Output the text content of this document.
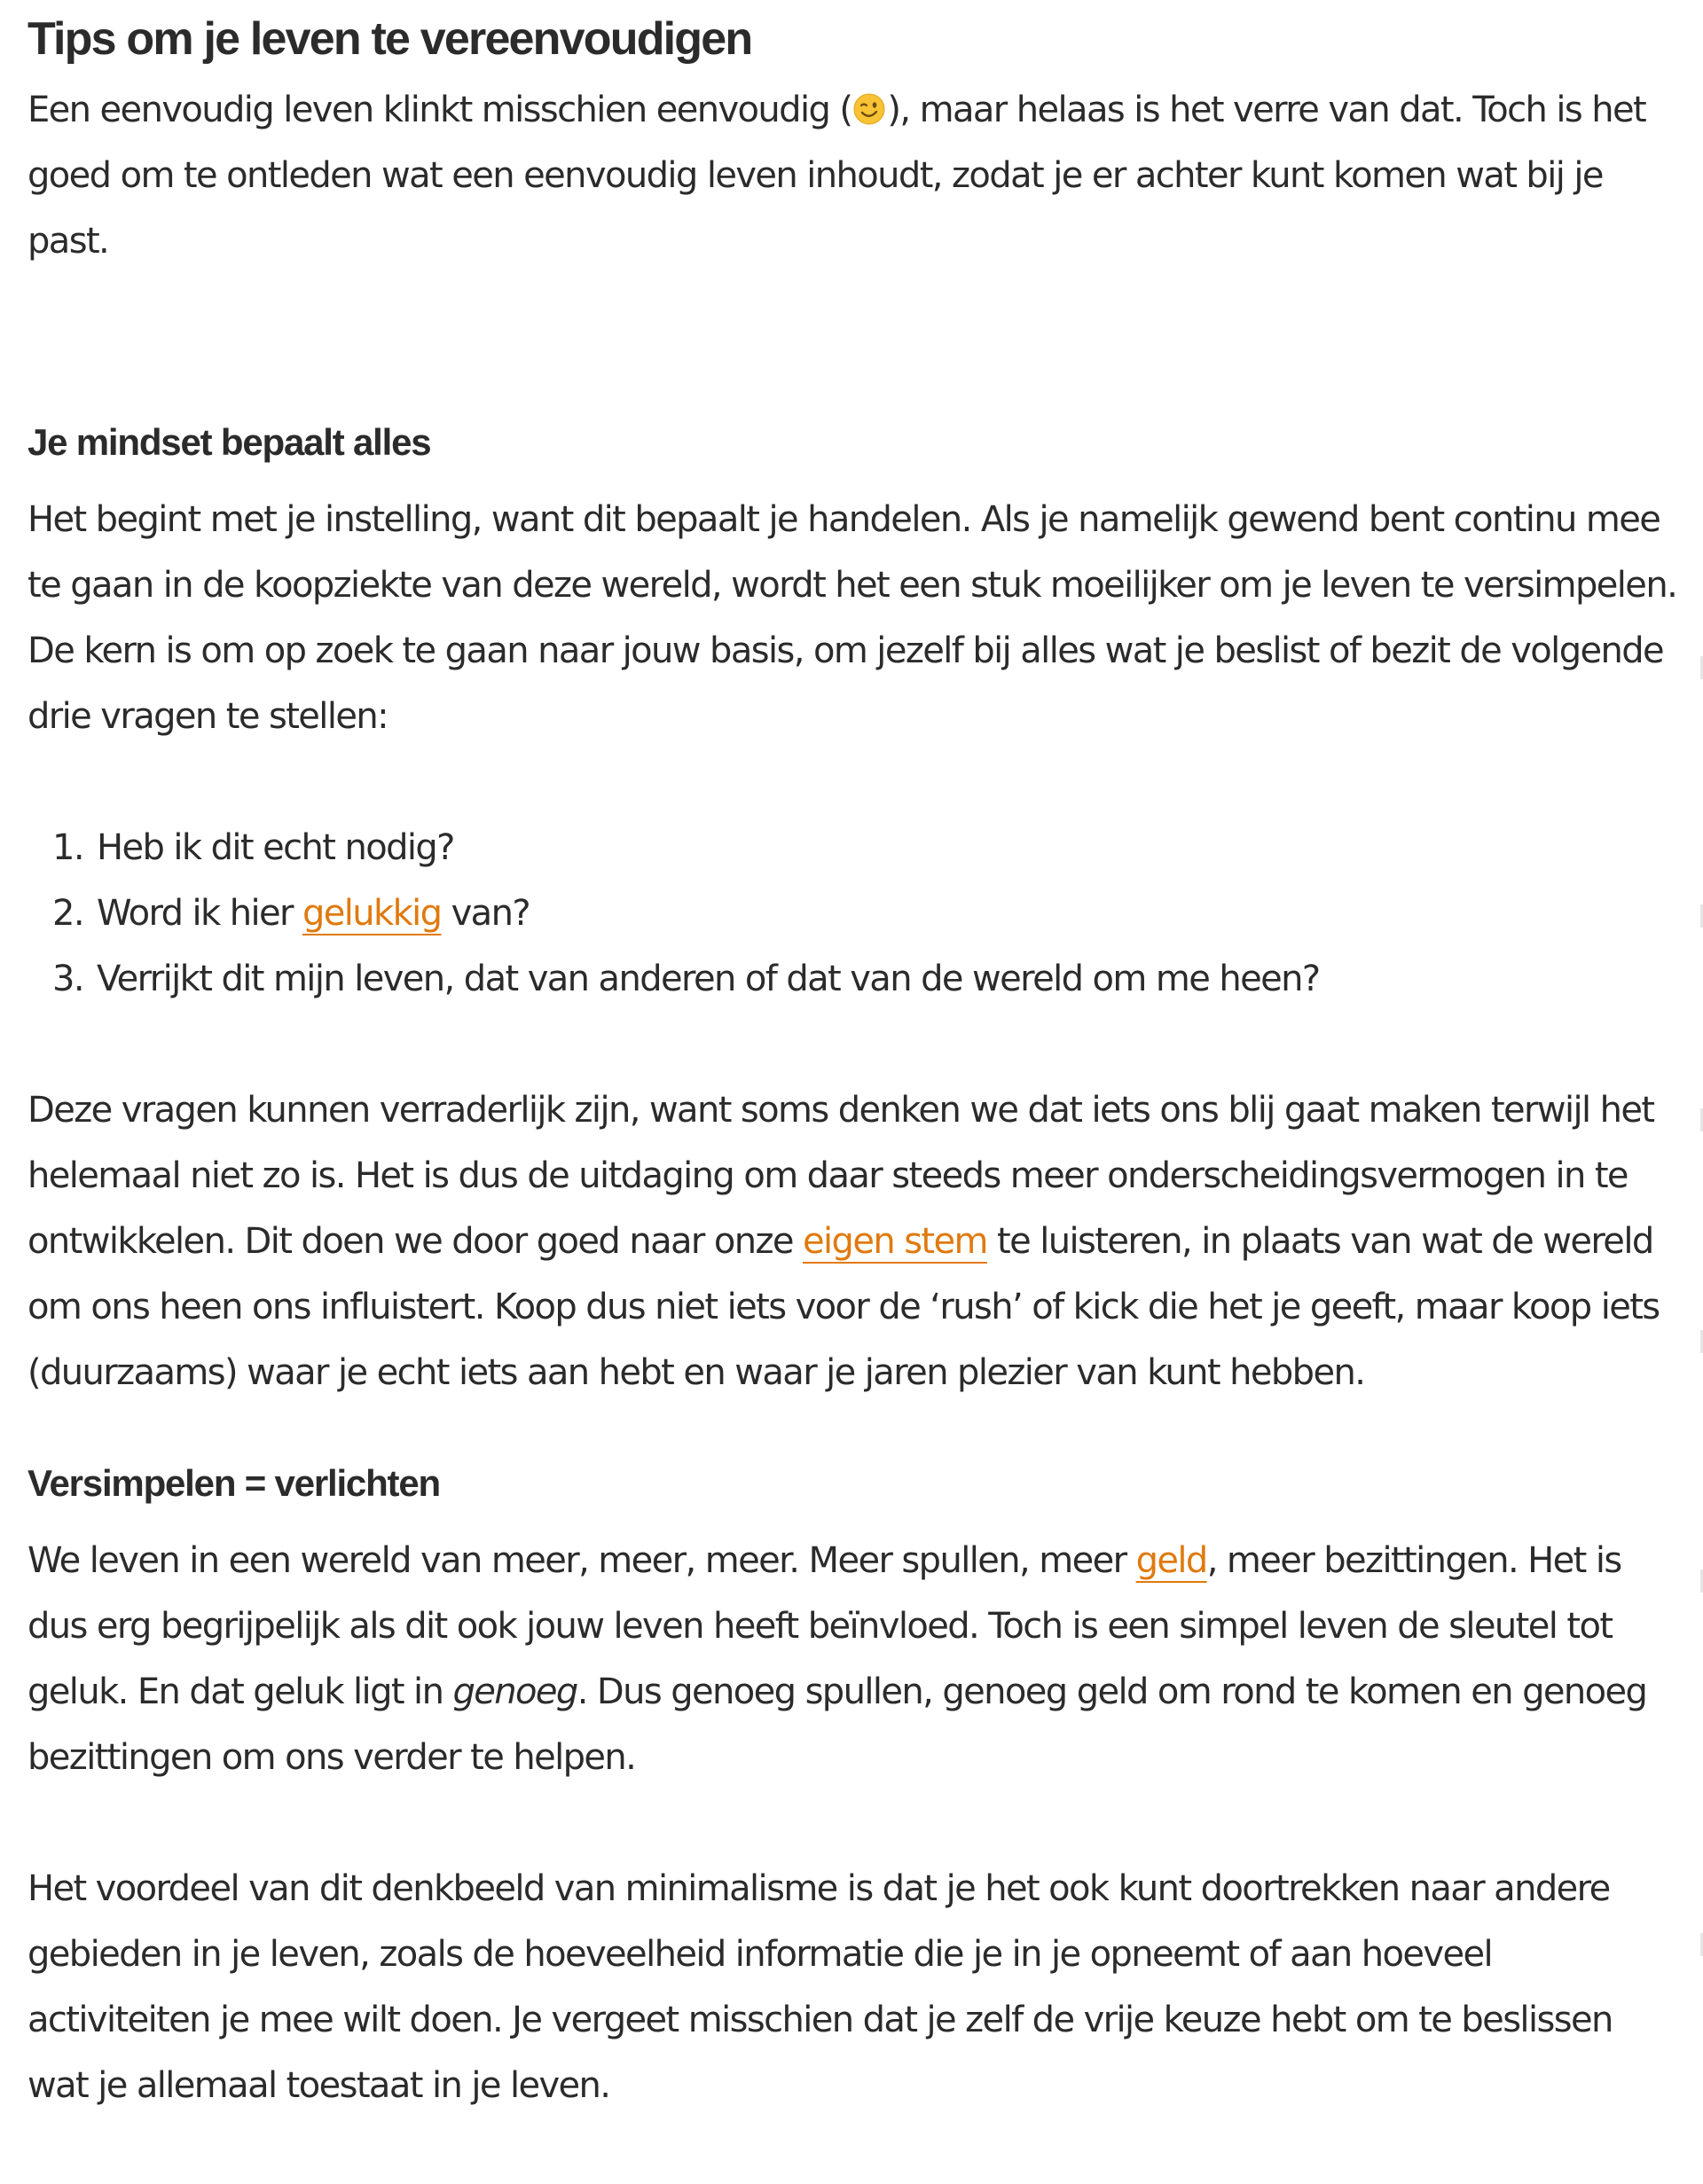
Tips om je leven te vereenvoudigen

Een eenvoudig leven klinkt misschien eenvoudig ( ), maar helaas is het verre van dat. Toch is het goed om te ontleden wat een eenvoudig leven inhoudt, zodat je er achter kunt komen wat bij je past.

Je mindset bepaalt alles

Het begint met je instelling, want dit bepaalt je handelen. Als je namelijk gewend bent continu mee te gaan in de koopziekte van deze wereld, wordt het een stuk moeilijker om je leven te versimpelen. De kern is om op zoek te gaan naar jouw basis, om jezelf bij alles wat je beslist of bezit de volgende drie vragen te stellen:

1. Heb ik dit echt nodig?
2. Word ik hier gelukkig van?
3. Verrijkt dit mijn leven, dat van anderen of dat van de wereld om me heen?

Deze vragen kunnen verraderlijk zijn, want soms denken we dat iets ons blij gaat maken terwijl het helemaal niet zo is. Het is dus de uitdaging om daar steeds meer onderscheidingsvermogen in te ontwikkelen. Dit doen we door goed naar onze eigen stem te luisteren, in plaats van wat de wereld om ons heen ons influistert. Koop dus niet iets voor de ‘rush’ of kick die het je geeft, maar koop iets (duurzaams) waar je echt iets aan hebt en waar je jaren plezier van kunt hebben.

Versimpelen = verlichten

We leven in een wereld van meer, meer, meer. Meer spullen, meer geld, meer bezittingen. Het is dus erg begrijpelijk als dit ook jouw leven heeft beïnvloed. Toch is een simpel leven de sleutel tot geluk. En dat geluk ligt in genoeg. Dus genoeg spullen, genoeg geld om rond te komen en genoeg bezittingen om ons verder te helpen.

Het voordeel van dit denkbeeld van minimalisme is dat je het ook kunt doortrekken naar andere gebieden in je leven, zoals de hoeveelheid informatie die je in je opneemt of aan hoeveel activiteiten je mee wilt doen. Je vergeet misschien dat je zelf de vrije keuze hebt om te beslissen wat je allemaal toestaat in je leven.
